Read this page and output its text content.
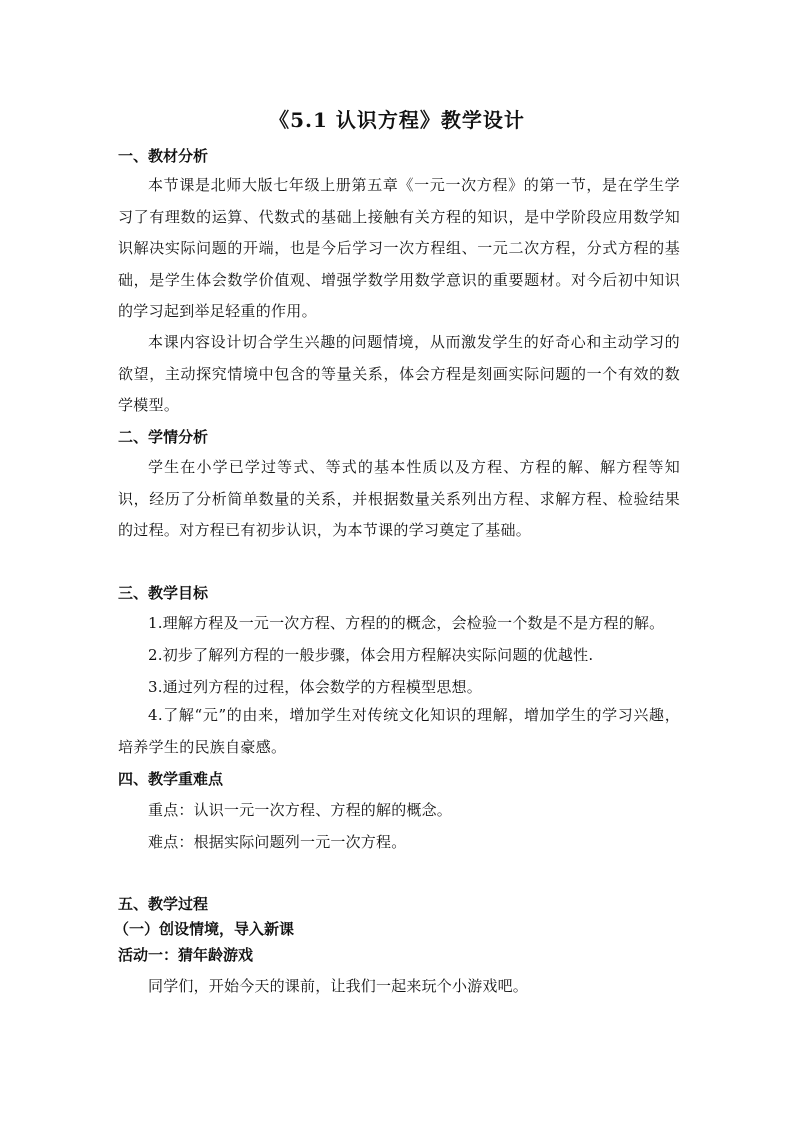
《5.1 认识方程》教学设计
一、教材分析
本节课是北师大版七年级上册第五章《一元一次方程》的第一节，是在学生学习了有理数的运算、代数式的基础上接触有关方程的知识，是中学阶段应用数学知识解决实际问题的开端，也是今后学习一次方程组、一元二次方程，分式方程的基础，是学生体会数学价值观、增强学数学用数学意识的重要题材。对今后初中知识的学习起到举足轻重的作用。
本课内容设计切合学生兴趣的问题情境，从而激发学生的好奇心和主动学习的欲望，主动探究情境中包含的等量关系，体会方程是刻画实际问题的一个有效的数学模型。
二、学情分析
学生在小学已学过等式、等式的基本性质以及方程、方程的解、解方程等知识，经历了分析简单数量的关系，并根据数量关系列出方程、求解方程、检验结果的过程。对方程已有初步认识，为本节课的学习奠定了基础。
三、教学目标
1.理解方程及一元一次方程、方程的的概念，会检验一个数是不是方程的解。
2.初步了解列方程的一般步骤，体会用方程解决实际问题的优越性.
3.通过列方程的过程，体会数学的方程模型思想。
4.了解“元”的由来，增加学生对传统文化知识的理解，增加学生的学习兴趣，培养学生的民族自豪感。
四、教学重难点
重点：认识一元一次方程、方程的解的概念。
难点：根据实际问题列一元一次方程。
五、教学过程
（一）创设情境，导入新课
活动一：猜年龄游戏
同学们，开始今天的课前，让我们一起来玩个小游戏吧。
